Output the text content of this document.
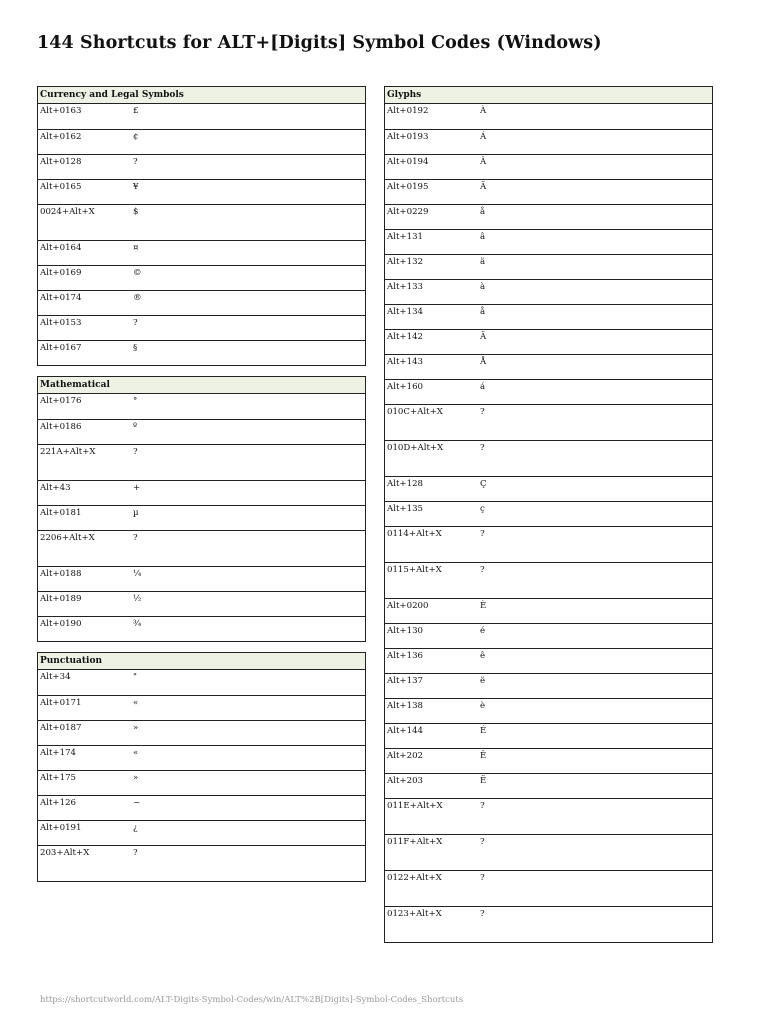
144 Shortcuts for ALT+[Digits] Symbol Codes (Windows)
Currency and Legal Symbols
Alt+0163	£
Alt+0162	¢
Alt+0128	?
Alt+0165	¥
0024+Alt+X	$
Alt+0164	¤
Alt+0169	©
Alt+0174	®
Alt+0153	?
Alt+0167	§
Mathematical
Alt+0176	°
Alt+0186	º
221A+Alt+X	?
Alt+43	+
Alt+0181	µ
2206+Alt+X	?
Alt+0188	¼
Alt+0189	½
Alt+0190	¾
Punctuation
Alt+34	"
Alt+0171	«
Alt+0187	»
Alt+174	«
Alt+175	»
Alt+126	~
Alt+0191	¿
203+Alt+X	?
Glyphs
Alt+0192	À
Alt+0193	Á
Alt+0194	Â
Alt+0195	Ã
Alt+0229	å
Alt+131	â
Alt+132	ä
Alt+133	à
Alt+134	å
Alt+142	Ä
Alt+143	Å
Alt+160	á
010C+Alt+X	?
010D+Alt+X	?
Alt+128	Ç
Alt+135	ç
0114+Alt+X	?
0115+Alt+X	?
Alt+0200	È
Alt+130	é
Alt+136	ê
Alt+137	ë
Alt+138	è
Alt+144	É
Alt+202	Ê
Alt+203	Ë
011E+Alt+X	?
011F+Alt+X	?
0122+Alt+X	?
0123+Alt+X	?
https://shortcutworld.com/ALT-Digits-Symbol-Codes/win/ALT%2B[Digits]-Symbol-Codes_Shortcuts
